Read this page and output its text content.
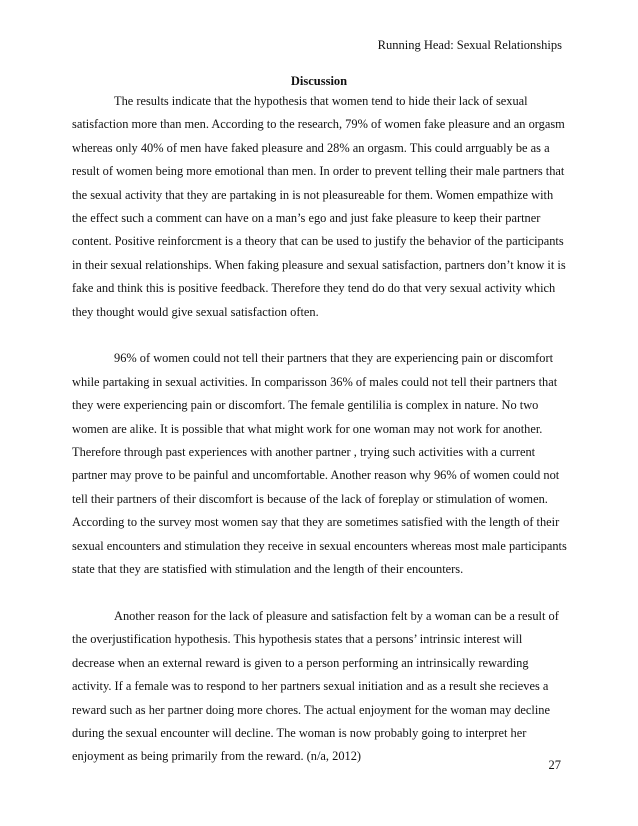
Running Head: Sexual Relationships
Discussion

The results indicate that the hypothesis that women tend to hide their lack of sexual satisfaction more than men. According to the research, 79% of women fake pleasure and an orgasm whereas only 40% of men have faked pleasure and 28% an orgasm. This could arrguably be as a result of women being more emotional than men. In order to prevent telling their male partners that the sexual activity that they are partaking in is not pleasureable for them. Women empathize with the effect such a comment can have on a man’s ego and just fake pleasure to keep their partner content. Positive reinforcment is a theory that can be used to justify the behavior of the participants in their sexual relationships. When faking pleasure and sexual satisfaction, partners don’t know it is fake and think this is positive feedback. Therefore they tend do do that very sexual activity which they thought would give sexual satisfaction often.

96% of women could not tell their partners that they are experiencing pain or discomfort while partaking in sexual activities. In comparisson 36% of males could not tell their partners that they were experiencing pain or discomfort. The female gentililia is complex in nature. No two women are alike. It is possible that what might work for one woman may not work for another. Therefore through past experiences with another partner , trying such activities with a current partner may prove to be painful and uncomfortable. Another reason why 96% of women could not tell their partners of their discomfort is because of the lack of foreplay or stimulation of women. According to the survey most women say that they are sometimes satisfied with the length of their sexual encounters and stimulation they receive in sexual encounters whereas most male participants state that they are statisfied with stimulation and the length of their encounters.

Another reason for the lack of pleasure and satisfaction felt by a woman can be a result of the overjustification hypothesis. This hypothesis states that a persons’ intrinsic interest will decrease when an external reward is given to a person performing an intrinsically rewarding activity. If a female was to respond to her partners sexual initiation and as a result she recieves a reward such as her partner doing more chores. The actual enjoyment for the woman may decline during the sexual encounter will decline. The woman is now probably going to interpret her enjoyment as being primarily from the reward. (n/a, 2012)

27
